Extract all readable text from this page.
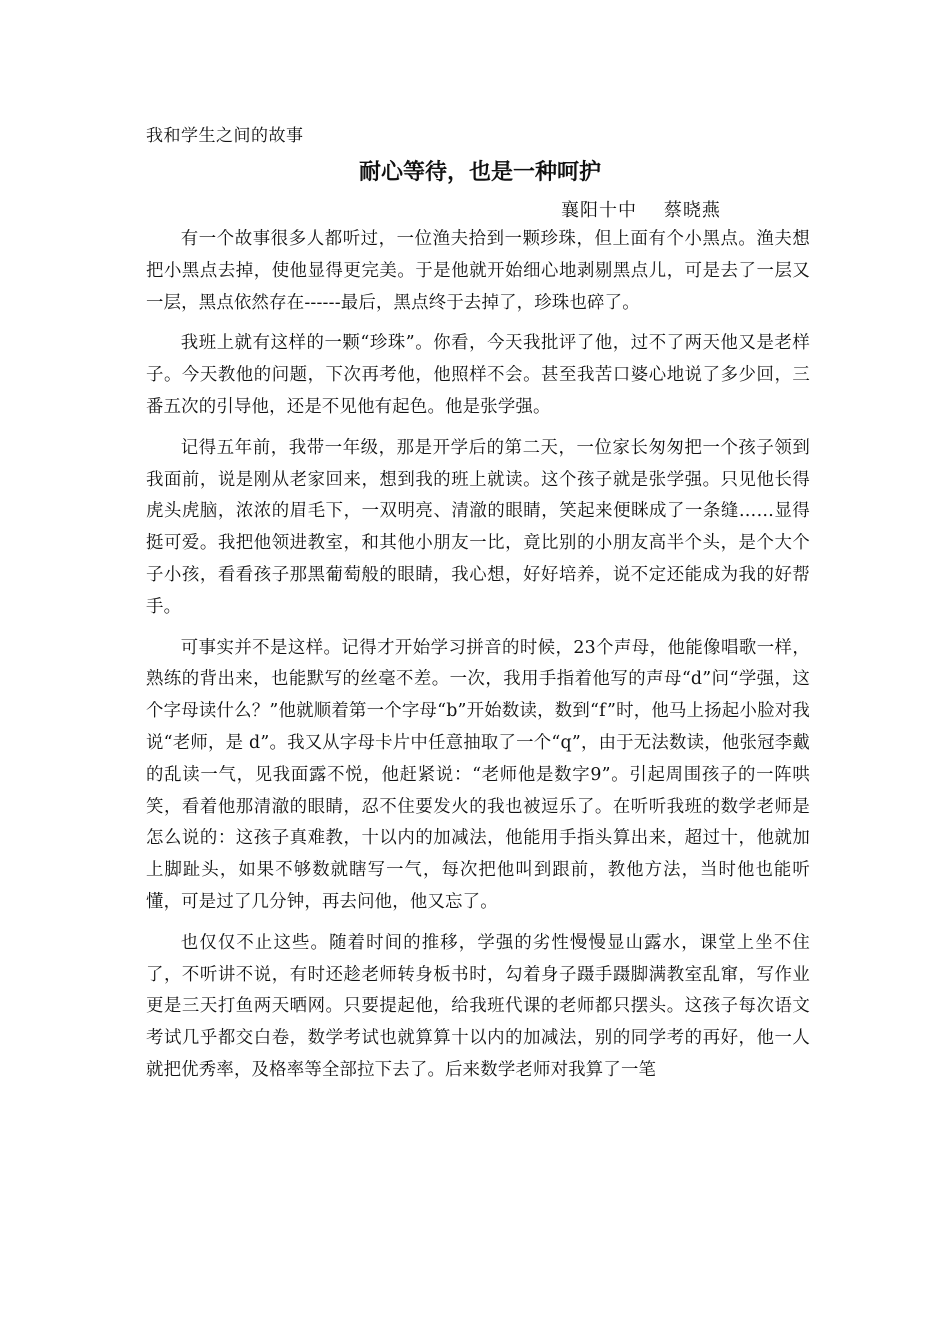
我和学生之间的故事
耐心等待，也是一种呵护
襄阳十中    蔡晓燕

有一个故事很多人都听过，一位渔夫拾到一颗珍珠，但上面有个小黑点。渔夫想把小黑点去掉，使他显得更完美。于是他就开始细心地剥剔黑点儿，可是去了一层又一层，黑点依然存在------最后，黑点终于去掉了，珍珠也碎了。

我班上就有这样的一颗“珍珠”。你看，今天我批评了他，过不了两天他又是老样子。今天教他的问题，下次再考他，他照样不会。甚至我苦口婆心地说了多少回，三番五次的引导他，还是不见他有起色。他是张学强。

记得五年前，我带一年级，那是开学后的第二天，一位家长匆匆把一个孩子领到我面前，说是刚从老家回来，想到我的班上就读。这个孩子就是张学强。只见他长得虎头虎脑，浓浓的眉毛下，一双明亮、清澈的眼睛，笑起来便眯成了一条缝……显得挺可爱。我把他领进教室，和其他小朋友一比，竟比别的小朋友高半个头，是个大个子小孩，看看孩子那黑葡萄般的眼睛，我心想，好好培养，说不定还能成为我的好帮手。

可事实并不是这样。记得才开始学习拼音的时候，23个声母，他能像唱歌一样，熟练的背出来，也能默写的丝毫不差。一次，我用手指着他写的声母“d”问“学强，这个字母读什么？”他就顺着第一个字母“b”开始数读，数到“f”时，他马上扬起小脸对我说“老师，是 d”。我又从字母卡片中任意抽取了一个“q”，由于无法数读，他张冠李戴的乱读一气，见我面露不悦，他赶紧说：“老师他是数字9”。引起周围孩子的一阵哄笑，看着他那清澈的眼睛，忍不住要发火的我也被逗乐了。在听听我班的数学老师是怎么说的：这孩子真难教，十以内的加减法，他能用手指头算出来，超过十，他就加上脚趾头，如果不够数就瞎写一气，每次把他叫到跟前，教他方法，当时他也能听懂，可是过了几分钟，再去问他，他又忘了。

也仅仅不止这些。随着时间的推移，学强的劣性慢慢显山露水，课堂上坐不住了，不听讲不说，有时还趁老师转身板书时，勾着身子蹑手蹑脚满教室乱窜，写作业更是三天打鱼两天晒网。只要提起他，给我班代课的老师都只摆头。这孩子每次语文考试几乎都交白卷，数学考试也就算算十以内的加减法，别的同学考的再好，他一人就把优秀率，及格率等全部拉下去了。后来数学老师对我算了一笔
